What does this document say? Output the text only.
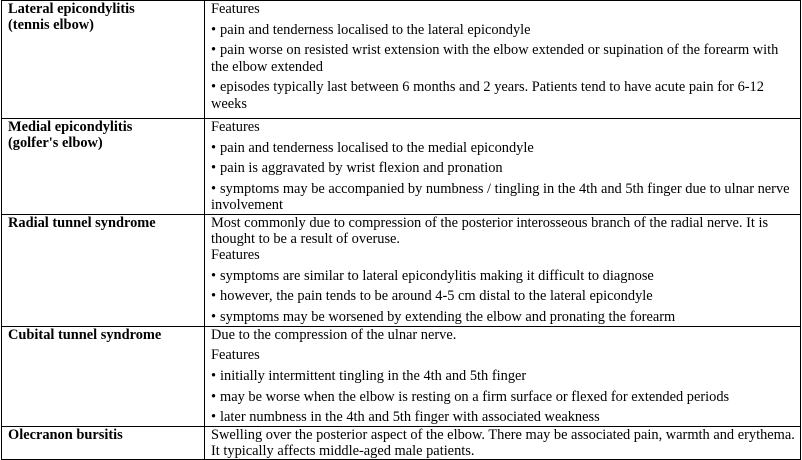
Lateral epicondylitis
(tennis elbow)	Features
• pain and tenderness localised to the lateral epicondyle
• pain worse on resisted wrist extension with the elbow extended or supination of the forearm with the elbow extended
• episodes typically last between 6 months and 2 years. Patients tend to have acute pain for 6-12 weeks

Medial epicondylitis
(golfer's elbow)	Features
• pain and tenderness localised to the medial epicondyle
• pain is aggravated by wrist flexion and pronation
• symptoms may be accompanied by numbness / tingling in the 4th and 5th finger due to ulnar nerve involvement

Radial tunnel syndrome	Most commonly due to compression of the posterior interosseous branch of the radial nerve. It is thought to be a result of overuse.
Features
• symptoms are similar to lateral epicondylitis making it difficult to diagnose
• however, the pain tends to be around 4-5 cm distal to the lateral epicondyle
• symptoms may be worsened by extending the elbow and pronating the forearm

Cubital tunnel syndrome	Due to the compression of the ulnar nerve.
Features
• initially intermittent tingling in the 4th and 5th finger
• may be worse when the elbow is resting on a firm surface or flexed for extended periods
• later numbness in the 4th and 5th finger with associated weakness

Olecranon bursitis	Swelling over the posterior aspect of the elbow. There may be associated pain, warmth and erythema. It typically affects middle-aged male patients.
